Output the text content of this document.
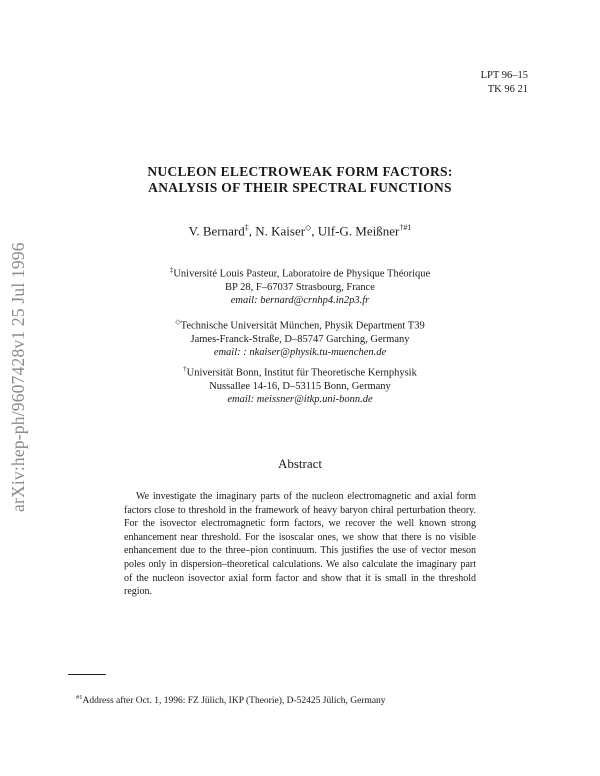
LPT 96–15
TK 96 21
arXiv:hep-ph/9607428v1 25 Jul 1996
NUCLEON ELECTROWEAK FORM FACTORS:
ANALYSIS OF THEIR SPECTRAL FUNCTIONS
V. Bernard‡, N. Kaiser◇, Ulf-G. Meißner$^{\dagger\#1}$
‡Université Louis Pasteur, Laboratoire de Physique Théorique
BP 28, F–67037 Strasbourg, France
email: bernard@crnhp4.in2p3.fr
◇Technische Universität München, Physik Department T39
James-Franck-Straße, D–85747 Garching, Germany
email: : nkaiser@physik.tu-muenchen.de
†Universität Bonn, Institut für Theoretische Kernphysik
Nussallee 14-16, D–53115 Bonn, Germany
email: meissner@itkp.uni-bonn.de
Abstract
We investigate the imaginary parts of the nucleon electromagnetic and axial form factors close to threshold in the framework of heavy baryon chiral perturbation theory. For the isovector electromagnetic form factors, we recover the well known strong enhancement near threshold. For the isoscalar ones, we show that there is no visible enhancement due to the three–pion continuum. This justifies the use of vector meson poles only in dispersion–theoretical calculations. We also calculate the imaginary part of the nucleon isovector axial form factor and show that it is small in the threshold region.
$^{\#1}$Address after Oct. 1, 1996: FZ Jülich, IKP (Theorie), D-52425 Jülich, Germany
